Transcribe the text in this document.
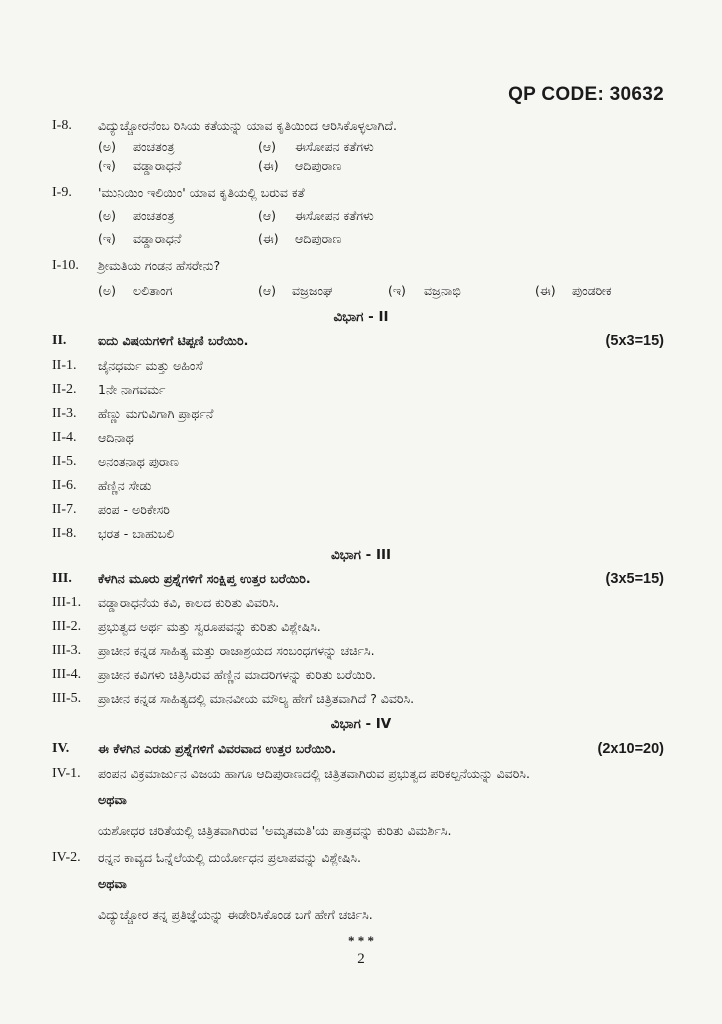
QP CODE: 30632
I-8. ವಿದ್ಯುಚ್ಚೋರನೆಂಬ ರಿಸಿಯ ಕತೆಯನ್ನು ಯಾವ ಕೃತಿಯಿಂದ ಆರಿಸಿಕೊಳ್ಳಲಾಗಿದೆ.
(ಅ) ಪಂಚತಂತ್ರ	(ಆ) ಈಸೋಪನ ಕತೆಗಳು
(ಇ) ವಡ್ಡಾರಾಧನೆ	(ಈ) ಆದಿಪುರಾಣ
I-9. 'ಮುನಿಯಿಂ ಇಲಿಯಿಂ' ಯಾವ ಕೃತಿಯಲ್ಲಿ ಬರುವ ಕತೆ
(ಅ) ಪಂಚತಂತ್ರ	(ಆ) ಈಸೋಪನ ಕತೆಗಳು
(ಇ) ವಡ್ಡಾರಾಧನೆ	(ಈ) ಆದಿಪುರಾಣ
I-10. ಶ್ರೀಮತಿಯ ಗಂಡನ ಹೆಸರೇನು?
(ಅ) ಲಲಿತಾಂಗ	(ಆ) ವಜ್ರಜಂಘ	(ಇ) ವಜ್ರನಾಭಿ	(ಈ) ಪುಂಡರೀಕ
ವಿಭಾಗ - II
II.	ಐದು ವಿಷಯಗಳಿಗೆ ಟಿಪ್ಪಣಿ ಬರೆಯಿರಿ.	(5x3=15)
II-1. ಜೈನಧರ್ಮ ಮತ್ತು ಅಹಿಂಸೆ
II-2. 1ನೇ ನಾಗವರ್ಮ
II-3. ಹೆಣ್ಣು ಮಗುವಿಗಾಗಿ ಪ್ರಾರ್ಥನೆ
II-4. ಆದಿನಾಥ
II-5. ಅನಂತನಾಥ ಪುರಾಣ
II-6. ಹೆಣ್ಣಿನ ಸೇಡು
II-7. ಪಂಪ - ಅರಿಕೇಸರಿ
II-8. ಭರತ - ಬಾಹುಬಲಿ
ವಿಭಾಗ - III
III. ಕೆಳಗಿನ ಮೂರು ಪ್ರಶ್ನೆಗಳಿಗೆ ಸಂಕ್ಷಿಪ್ತ ಉತ್ತರ ಬರೆಯಿರಿ.	(3x5=15)
III-1. ವಡ್ಡಾರಾಧನೆಯ ಕವಿ, ಕಾಲದ ಕುರಿತು ವಿವರಿಸಿ.
III-2. ಪ್ರಭುತ್ವದ ಅರ್ಥ ಮತ್ತು ಸ್ವರೂಪವನ್ನು ಕುರಿತು ವಿಶ್ಲೇಷಿಸಿ.
III-3. ಪ್ರಾಚೀನ ಕನ್ನಡ ಸಾಹಿತ್ಯ ಮತ್ತು ರಾಜಾಶ್ರಯದ ಸಂಬಂಧಗಳನ್ನು ಚರ್ಚಿಸಿ.
III-4. ಪ್ರಾಚೀನ ಕವಿಗಳು ಚಿತ್ರಿಸಿರುವ ಹೆಣ್ಣಿನ ಮಾದರಿಗಳನ್ನು ಕುರಿತು ಬರೆಯಿರಿ.
III-5. ಪ್ರಾಚೀನ ಕನ್ನಡ ಸಾಹಿತ್ಯದಲ್ಲಿ ಮಾನವೀಯ ಮೌಲ್ಯ ಹೇಗೆ ಚಿತ್ರಿತವಾಗಿದೆ ? ವಿವರಿಸಿ.
ವಿಭಾಗ - IV
IV. ಈ ಕೆಳಗಿನ ಎರಡು ಪ್ರಶ್ನೆಗಳಿಗೆ ವಿವರವಾದ ಉತ್ತರ ಬರೆಯಿರಿ.	(2x10=20)
IV-1. ಪಂಪನ ವಿಕ್ರಮಾರ್ಜುನ ವಿಜಯ ಹಾಗೂ ಆದಿಪುರಾಣದಲ್ಲಿ ಚಿತ್ರಿತವಾಗಿರುವ ಪ್ರಭುತ್ವದ ಪರಿಕಲ್ಪನೆಯನ್ನು ವಿವರಿಸಿ.
ಅಥವಾ
ಯಶೋಧರ ಚರಿತೆಯಲ್ಲಿ ಚಿತ್ರಿತವಾಗಿರುವ 'ಅಮೃತಮತಿ'ಯ ಪಾತ್ರವನ್ನು ಕುರಿತು ವಿಮರ್ಶಿಸಿ.
IV-2. ರನ್ನನ ಕಾವ್ಯದ ಓನ್ನೆಲೆಯಲ್ಲಿ ದುರ್ಯೋಧನ ಪ್ರಲಾಪವನ್ನು ವಿಶ್ಲೇಷಿಸಿ.
ಅಥವಾ
ವಿದ್ಯುಚ್ಚೋರ ತನ್ನ ಪ್ರತಿಜ್ಞೆಯನ್ನು ಈಡೇರಿಸಿಕೊಂಡ ಬಗೆ ಹೇಗೆ ಚರ್ಚಿಸಿ.
* * *
2
